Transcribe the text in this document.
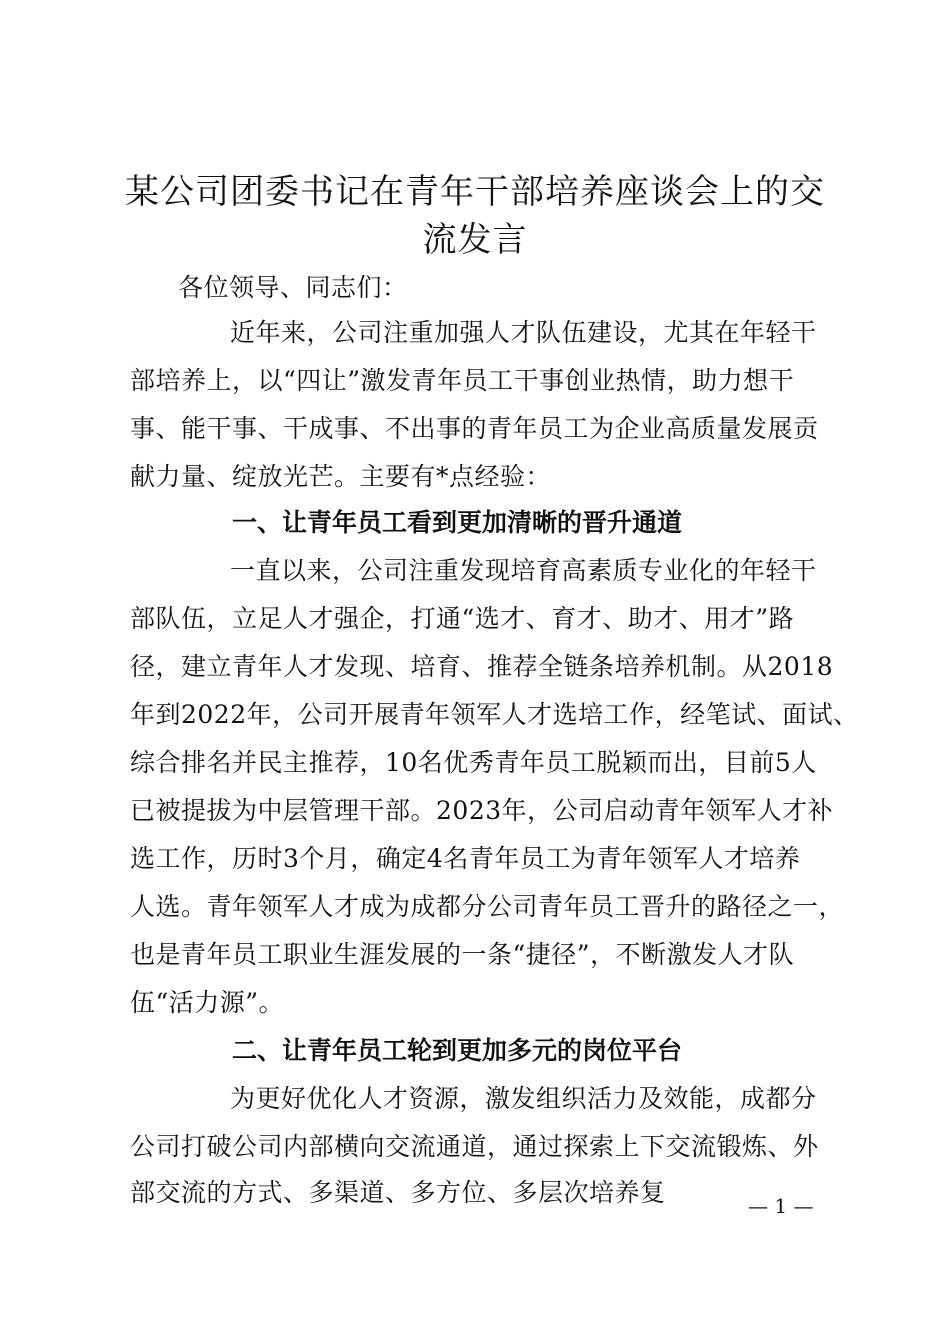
某公司团委书记在青年干部培养座谈会上的交
流发言
各位领导、同志们：
近年来，公司注重加强人才队伍建设，尤其在年轻干
部培养上，以“四让”激发青年员工干事创业热情，助力想干
事、能干事、干成事、不出事的青年员工为企业高质量发展贡
献力量、绽放光芒。主要有*点经验：
一、让青年员工看到更加清晰的晋升通道
一直以来，公司注重发现培育高素质专业化的年轻干
部队伍，立足人才强企，打通“选才、育才、助才、用才”路
径，建立青年人才发现、培育、推荐全链条培养机制。从2018
年到2022年，公司开展青年领军人才选培工作，经笔试、面试、
综合排名并民主推荐，10名优秀青年员工脱颖而出，目前5人
已被提拔为中层管理干部。2023年，公司启动青年领军人才补
选工作，历时3个月，确定4名青年员工为青年领军人才培养
人选。青年领军人才成为成都分公司青年员工晋升的路径之一，
也是青年员工职业生涯发展的一条“捷径”，不断激发人才队
伍“活力源”。
二、让青年员工轮到更加多元的岗位平台
为更好优化人才资源，激发组织活力及效能，成都分
公司打破公司内部横向交流通道，通过探索上下交流锻炼、外
部交流的方式、多渠道、多方位、多层次培养复	— 1 —
